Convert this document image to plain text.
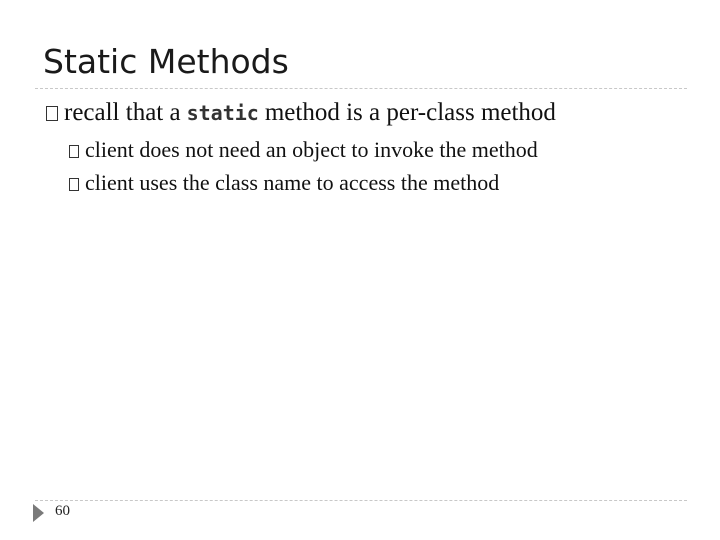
Static Methods
recall that a static method is a per-class method
client does not need an object to invoke the method
client uses the class name to access the method
60
